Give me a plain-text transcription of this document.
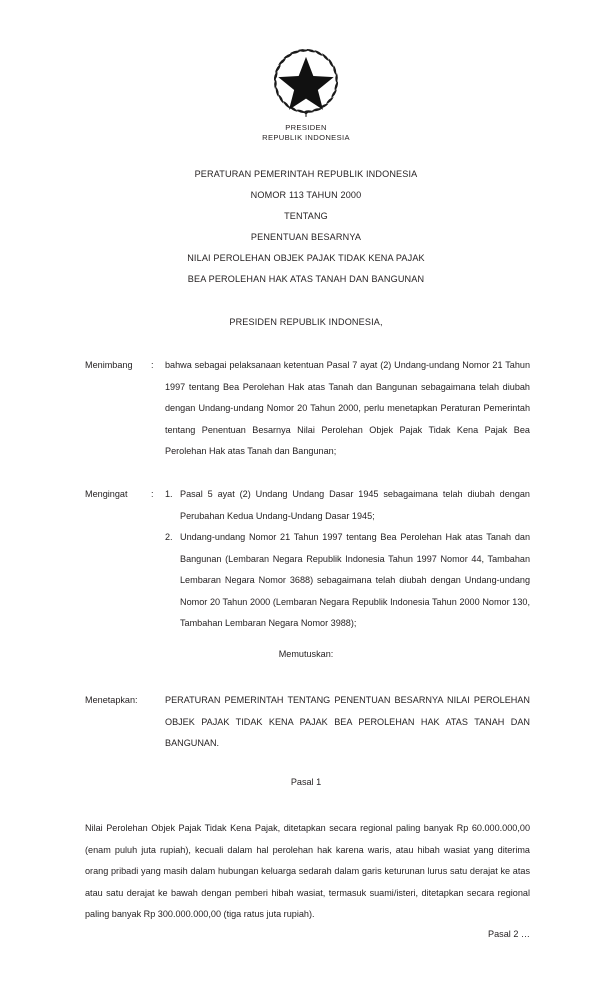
PRESIDEN
REPUBLIK INDONESIA
PERATURAN PEMERINTAH REPUBLIK INDONESIA
NOMOR 113 TAHUN 2000
TENTANG
PENENTUAN BESARNYA
NILAI PEROLEHAN OBJEK PAJAK TIDAK KENA PAJAK
BEA PEROLEHAN HAK ATAS TANAH DAN BANGUNAN
PRESIDEN REPUBLIK INDONESIA,
Menimbang	:	bahwa sebagai pelaksanaan ketentuan Pasal 7 ayat (2) Undang-undang Nomor 21 Tahun 1997 tentang Bea Perolehan Hak atas Tanah dan Bangunan sebagaimana telah diubah dengan Undang-undang Nomor 20 Tahun 2000, perlu menetapkan Peraturan Pemerintah tentang Penentuan Besarnya Nilai Perolehan Objek Pajak Tidak Kena Pajak Bea Perolehan Hak atas Tanah dan Bangunan;

Mengingat	:	1. Pasal 5 ayat (2) Undang Undang Dasar 1945 sebagaimana telah diubah dengan Perubahan Kedua Undang-Undang Dasar 1945;
2. Undang-undang Nomor 21 Tahun 1997 tentang Bea Perolehan Hak atas Tanah dan Bangunan (Lembaran Negara Republik Indonesia Tahun 1997 Nomor 44, Tambahan Lembaran Negara Nomor 3688) sebagaimana telah diubah dengan Undang-undang Nomor 20 Tahun 2000 (Lembaran Negara Republik Indonesia Tahun 2000 Nomor 130, Tambahan Lembaran Negara Nomor 3988);
Memutuskan:
Menetapkan:	PERATURAN PEMERINTAH TENTANG PENENTUAN BESARNYA NILAI PEROLEHAN OBJEK PAJAK TIDAK KENA PAJAK BEA PEROLEHAN HAK ATAS TANAH DAN BANGUNAN.
Pasal 1

Nilai Perolehan Objek Pajak Tidak Kena Pajak, ditetapkan secara regional paling banyak Rp 60.000.000,00 (enam puluh juta rupiah), kecuali dalam hal perolehan hak karena waris, atau hibah wasiat yang diterima orang pribadi yang masih dalam hubungan keluarga sedarah dalam garis keturunan lurus satu derajat ke atas atau satu derajat ke bawah dengan pemberi hibah wasiat, termasuk suami/isteri, ditetapkan secara regional paling banyak Rp 300.000.000,00 (tiga ratus juta rupiah).

Pasal 2 …
